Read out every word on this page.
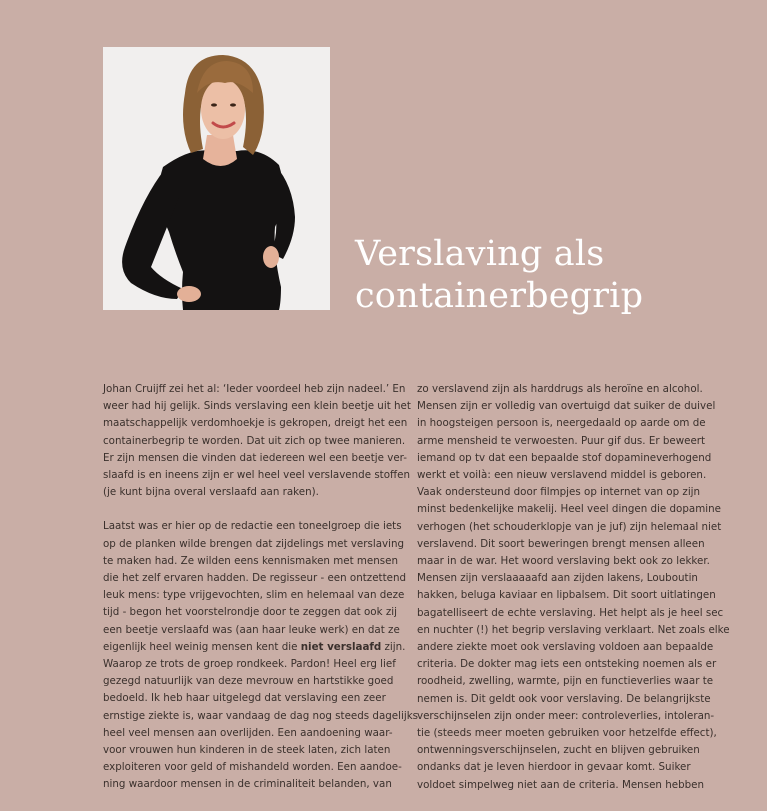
Verslaving als
containerbegrip

Johan Cruijff zei het al: ‘Ieder voordeel heb zijn nadeel.’ En
weer had hij gelijk. Sinds verslaving een klein beetje uit het
maatschappelijk verdomhoekje is gekropen, dreigt het een
containerbegrip te worden. Dat uit zich op twee manieren.
Er zijn mensen die vinden dat iedereen wel een beetje ver-
slaafd is en ineens zijn er wel heel veel verslavende stoffen
(je kunt bijna overal verslaafd aan raken).

Laatst was er hier op de redactie een toneelgroep die iets
op de planken wilde brengen dat zijdelings met verslaving
te maken had. Ze wilden eens kennismaken met mensen
die het zelf ervaren hadden. De regisseur - een ontzettend
leuk mens: type vrijgevochten, slim en helemaal van deze
tijd - begon het voorstelrondje door te zeggen dat ook zij
een beetje verslaafd was (aan haar leuke werk) en dat ze
eigenlijk heel weinig mensen kent die niet verslaafd zijn.
Waarop ze trots de groep rondkeek. Pardon! Heel erg lief
gezegd natuurlijk van deze mevrouw en hartstikke goed
bedoeld. Ik heb haar uitgelegd dat verslaving een zeer
ernstige ziekte is, waar vandaag de dag nog steeds dagelijks
heel veel mensen aan overlijden. Een aandoening waar-
voor vrouwen hun kinderen in de steek laten, zich laten
exploiteren voor geld of mishandeld worden. Een aandoe-
ning waardoor mensen in de criminaliteit belanden, van

zo verslavend zijn als harddrugs als heroïne en alcohol.
Mensen zijn er volledig van overtuigd dat suiker de duivel
in hoogsteigen persoon is, neergedaald op aarde om de
arme mensheid te verwoesten. Puur gif dus. Er beweert
iemand op tv dat een bepaalde stof dopamineverhogend
werkt et voilà: een nieuw verslavend middel is geboren.
Vaak ondersteund door filmpjes op internet van op zijn
minst bedenkelijke makelij. Heel veel dingen die dopamine
verhogen (het schouderklopje van je juf) zijn helemaal niet
verslavend. Dit soort beweringen brengt mensen alleen
maar in de war. Het woord verslaving bekt ook zo lekker.
Mensen zijn verslaaaaafd aan zijden lakens, Louboutin
hakken, beluga kaviaar en lipbalsem. Dit soort uitlatingen
bagatelliseert de echte verslaving. Het helpt als je heel sec
en nuchter (!) het begrip verslaving verklaart. Net zoals elke
andere ziekte moet ook verslaving voldoen aan bepaalde
criteria. De dokter mag iets een ontsteking noemen als er
roodheid, zwelling, warmte, pijn en functieverlies waar te
nemen is. Dit geldt ook voor verslaving. De belangrijkste
verschijnselen zijn onder meer: controleverlies, intoleran-
tie (steeds meer moeten gebruiken voor hetzelfde effect),
ontwenningsverschijnselen, zucht en blijven gebruiken
ondanks dat je leven hierdoor in gevaar komt. Suiker
voldoet simpelweg niet aan de criteria. Mensen hebben
